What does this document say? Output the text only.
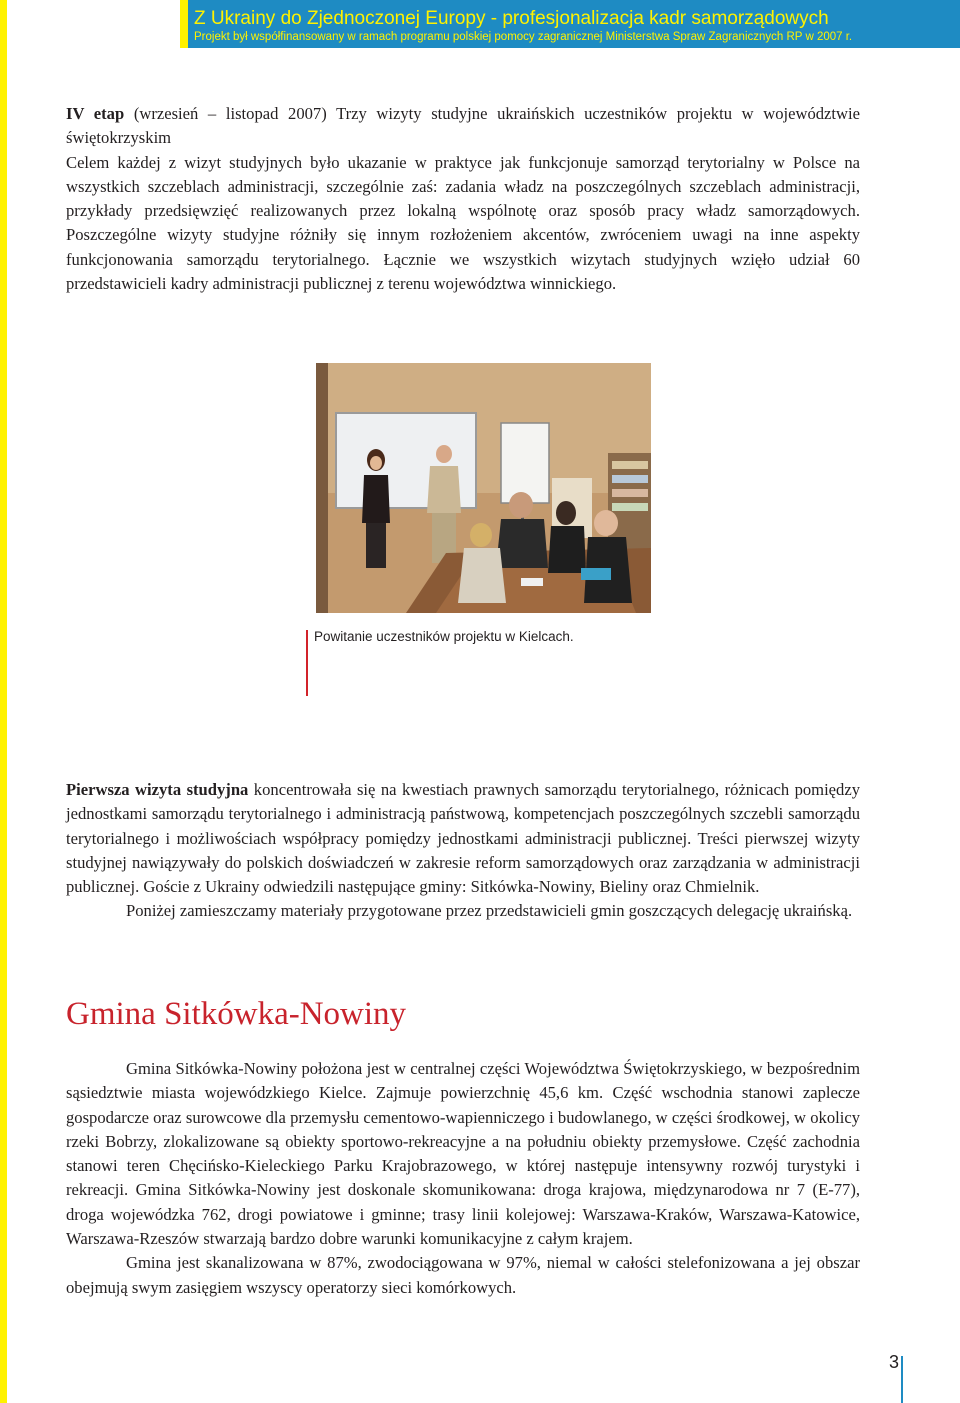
Z Ukrainy do Zjednoczonej Europy - profesjonalizacja kadr samorządowych
Projekt był współfinansowany w ramach programu polskiej pomocy zagranicznej Ministerstwa Spraw Zagranicznych RP w 2007 r.

IV etap (wrzesień – listopad 2007) Trzy wizyty studyjne ukraińskich uczestników projektu w województwie świętokrzyskim

Celem każdej z wizyt studyjnych było ukazanie w praktyce jak funkcjonuje samorząd terytorialny w Polsce na wszystkich szczeblach administracji, szczególnie zaś: zadania władz na poszczególnych szczeblach administracji, przykłady przedsięwzięć realizowanych przez lokalną wspólnotę oraz sposób pracy władz samorządowych. Poszczególne wizyty studyjne różniły się innym rozłożeniem akcentów, zwróceniem uwagi na inne aspekty funkcjonowania samorządu terytorialnego. Łącznie we wszystkich wizytach studyjnych wzięło udział 60 przedstawicieli kadry administracji publicznej z terenu województwa winnickiego.

Powitanie uczestników projektu w Kielcach.

Pierwsza wizyta studyjna koncentrowała się na kwestiach prawnych samorządu terytorialnego, różnicach pomiędzy jednostkami samorządu terytorialnego i administracją państwową, kompetencjach poszczególnych szczebli samorządu terytorialnego i możliwościach współpracy pomiędzy jednostkami administracji publicznej. Treści pierwszej wizyty studyjnej nawiązywały do polskich doświadczeń w zakresie reform samorządowych oraz zarządzania w administracji publicznej. Goście z Ukrainy odwiedzili następujące gminy: Sitkówka-Nowiny, Bieliny oraz Chmielnik.

Poniżej zamieszczamy materiały przygotowane przez przedstawicieli gmin goszczących delegację ukraińską.

Gmina Sitkówka-Nowiny

Gmina Sitkówka-Nowiny położona jest w centralnej części Województwa Świętokrzyskiego, w bezpośrednim sąsiedztwie miasta wojewódzkiego Kielce. Zajmuje powierzchnię 45,6 km. Część wschodnia stanowi zaplecze gospodarcze oraz surowcowe dla przemysłu cementowo-wapienniczego i budowlanego, w części środkowej, w okolicy rzeki Bobrzy, zlokalizowane są obiekty sportowo-rekreacyjne a na południu obiekty przemysłowe. Część zachodnia stanowi teren Chęcińsko-Kieleckiego Parku Krajobrazowego, w której następuje intensywny rozwój turystyki i rekreacji. Gmina Sitkówka-Nowiny jest doskonale skomunikowana: droga krajowa, międzynarodowa nr 7 (E-77), droga wojewódzka 762, drogi powiatowe i gminne; trasy linii kolejowej: Warszawa-Kraków, Warszawa-Katowice, Warszawa-Rzeszów stwarzają bardzo dobre warunki komunikacyjne z całym krajem.

Gmina jest skanalizowana w 87%, zwodociągowana w 97%, niemal w całości stelefonizowana a jej obszar obejmują swym zasięgiem wszyscy operatorzy sieci komórkowych.

3
